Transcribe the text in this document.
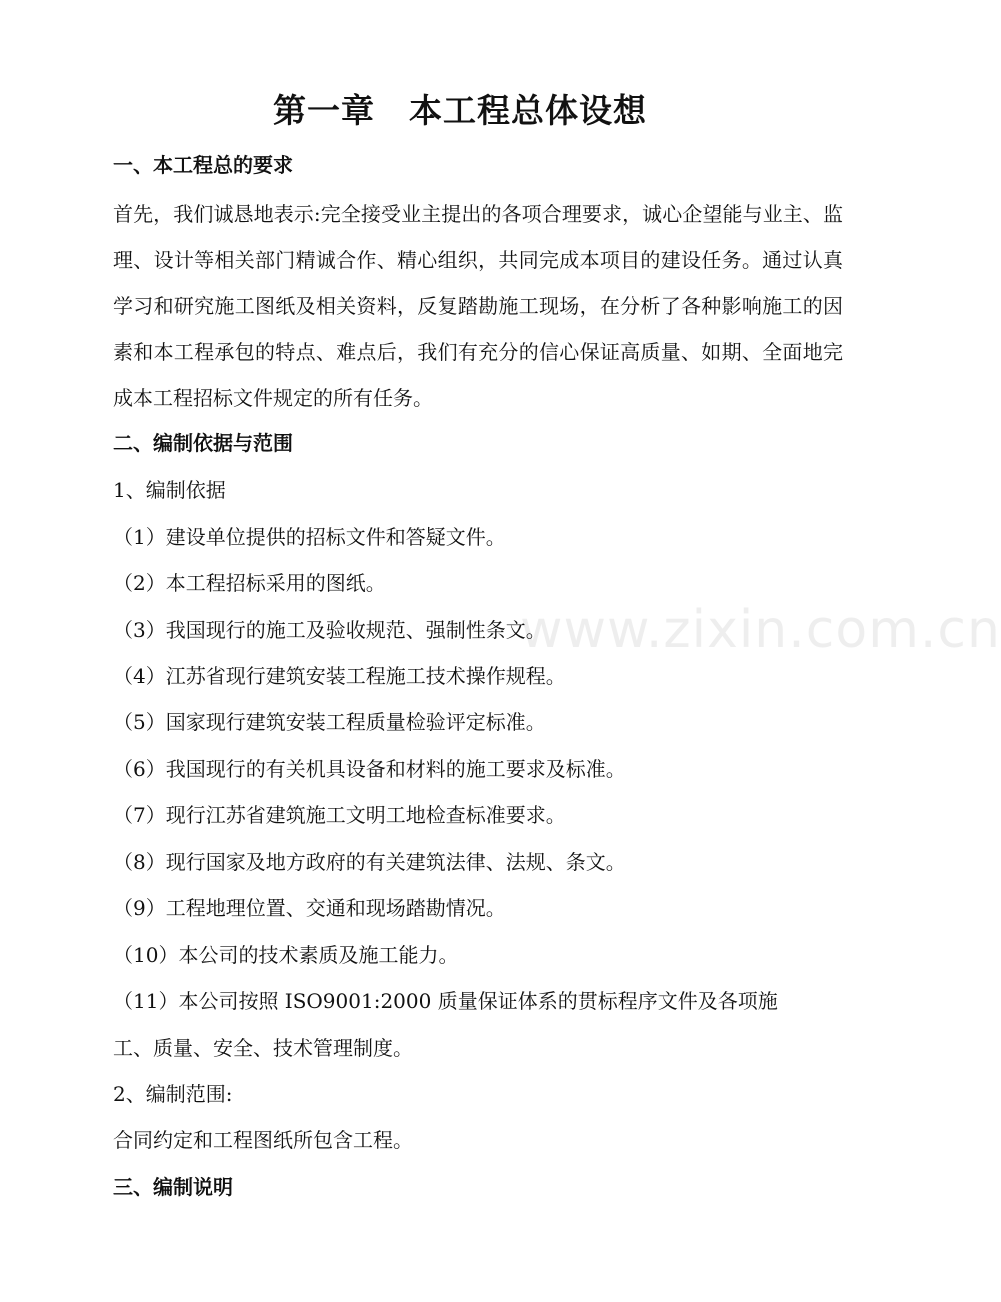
www.zixin.com.cn
第一章　本工程总体设想
一、本工程总的要求
首先，我们诚恳地表示:完全接受业主提出的各项合理要求，诚心企望能与业主、监理、设计等相关部门精诚合作、精心组织，共同完成本项目的建设任务。通过认真学习和研究施工图纸及相关资料，反复踏勘施工现场，在分析了各种影响施工的因素和本工程承包的特点、难点后，我们有充分的信心保证高质量、如期、全面地完成本工程招标文件规定的所有任务。
二、编制依据与范围
1、编制依据
（1）建设单位提供的招标文件和答疑文件。
（2）本工程招标采用的图纸。
（3）我国现行的施工及验收规范、强制性条文。
（4）江苏省现行建筑安装工程施工技术操作规程。
（5）国家现行建筑安装工程质量检验评定标准。
（6）我国现行的有关机具设备和材料的施工要求及标准。
（7）现行江苏省建筑施工文明工地检查标准要求。
（8）现行国家及地方政府的有关建筑法律、法规、条文。
（9）工程地理位置、交通和现场踏勘情况。
（10）本公司的技术素质及施工能力。
（11）本公司按照 ISO9001:2000 质量保证体系的贯标程序文件及各项施
工、质量、安全、技术管理制度。
2、编制范围:
合同约定和工程图纸所包含工程。
三、编制说明
